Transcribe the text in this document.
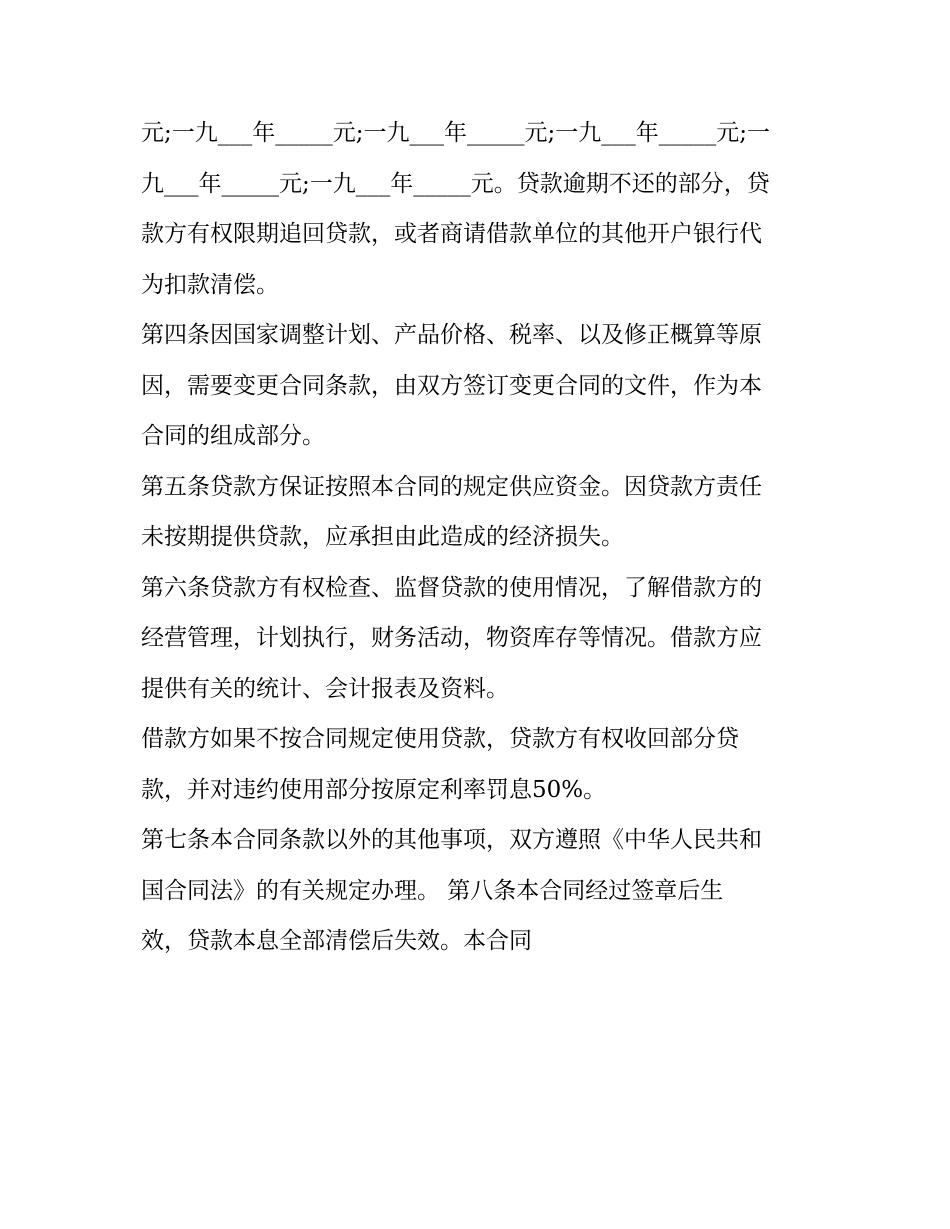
元;一九___年_____元;一九___年_____元;一九___年_____元;一
九___年_____元;一九___年_____元。贷款逾期不还的部分，贷
款方有权限期追回贷款，或者商请借款单位的其他开户银行代
为扣款清偿。
第四条因国家调整计划、产品价格、税率、以及修正概算等原
因，需要变更合同条款，由双方签订变更合同的文件，作为本
合同的组成部分。
第五条贷款方保证按照本合同的规定供应资金。因贷款方责任
未按期提供贷款，应承担由此造成的经济损失。
第六条贷款方有权检查、监督贷款的使用情况，了解借款方的
经营管理，计划执行，财务活动，物资库存等情况。借款方应
提供有关的统计、会计报表及资料。
借款方如果不按合同规定使用贷款，贷款方有权收回部分贷
款，并对违约使用部分按原定利率罚息50%。
第七条本合同条款以外的其他事项，双方遵照《中华人民共和
国合同法》的有关规定办理。 第八条本合同经过签章后生
效，贷款本息全部清偿后失效。本合同
